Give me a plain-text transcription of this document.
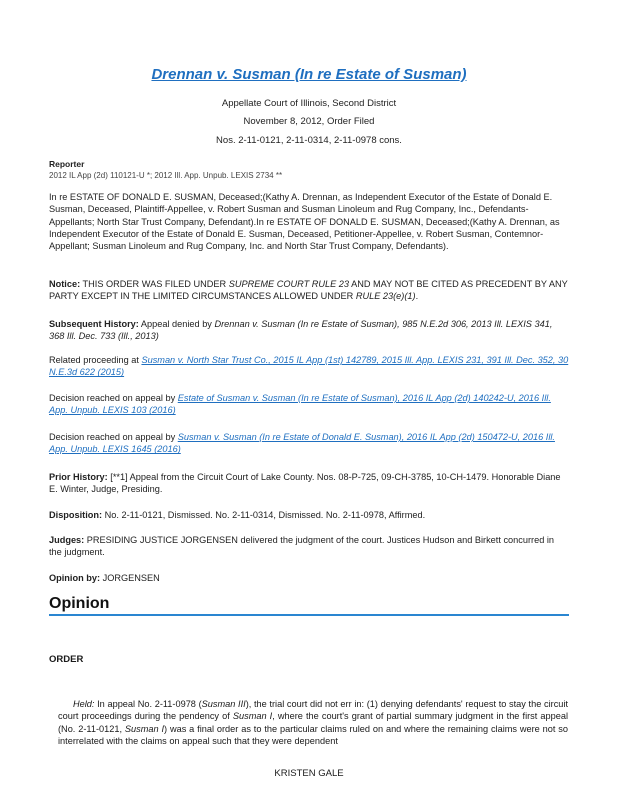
Drennan v. Susman (In re Estate of Susman)
Appellate Court of Illinois, Second District
November 8, 2012, Order Filed
Nos. 2-11-0121, 2-11-0314, 2-11-0978 cons.
Reporter
2012 IL App (2d) 110121-U *; 2012 Ill. App. Unpub. LEXIS 2734 **
In re ESTATE OF DONALD E. SUSMAN, Deceased;(Kathy A. Drennan, as Independent Executor of the Estate of Donald E. Susman, Deceased, Plaintiff-Appellee, v. Robert Susman and Susman Linoleum and Rug Company, Inc., Defendants-Appellants; North Star Trust Company, Defendant).In re ESTATE OF DONALD E. SUSMAN, Deceased;(Kathy A. Drennan, as Independent Executor of the Estate of Donald E. Susman, Deceased, Petitioner-Appellee, v. Robert Susman, Contemnor-Appellant; Susman Linoleum and Rug Company, Inc. and North Star Trust Company, Defendants).
Notice: THIS ORDER WAS FILED UNDER SUPREME COURT RULE 23 AND MAY NOT BE CITED AS PRECEDENT BY ANY PARTY EXCEPT IN THE LIMITED CIRCUMSTANCES ALLOWED UNDER RULE 23(e)(1).
Subsequent History: Appeal denied by Drennan v. Susman (In re Estate of Susman), 985 N.E.2d 306, 2013 Ill. LEXIS 341, 368 Ill. Dec. 733 (Ill., 2013)
Related proceeding at Susman v. North Star Trust Co., 2015 IL App (1st) 142789, 2015 Ill. App. LEXIS 231, 391 Ill. Dec. 352, 30 N.E.3d 622 (2015)
Decision reached on appeal by Estate of Susman v. Susman (In re Estate of Susman), 2016 IL App (2d) 140242-U, 2016 Ill. App. Unpub. LEXIS 103 (2016)
Decision reached on appeal by Susman v. Susman (In re Estate of Donald E. Susman), 2016 IL App (2d) 150472-U, 2016 Ill. App. Unpub. LEXIS 1645 (2016)
Prior History: [**1] Appeal from the Circuit Court of Lake County. Nos. 08-P-725, 09-CH-3785, 10-CH-1479. Honorable Diane E. Winter, Judge, Presiding.
Disposition: No. 2-11-0121, Dismissed. No. 2-11-0314, Dismissed. No. 2-11-0978, Affirmed.
Judges: PRESIDING JUSTICE JORGENSEN delivered the judgment of the court. Justices Hudson and Birkett concurred in the judgment.
Opinion by: JORGENSEN
Opinion
ORDER
Held: In appeal No. 2-11-0978 (Susman III), the trial court did not err in: (1) denying defendants' request to stay the circuit court proceedings during the pendency of Susman I, where the court's grant of partial summary judgment in the first appeal (No. 2-11-0121, Susman I) was a final order as to the particular claims ruled on and where the remaining claims were not so interrelated with the claims on appeal such that they were dependent
KRISTEN GALE
